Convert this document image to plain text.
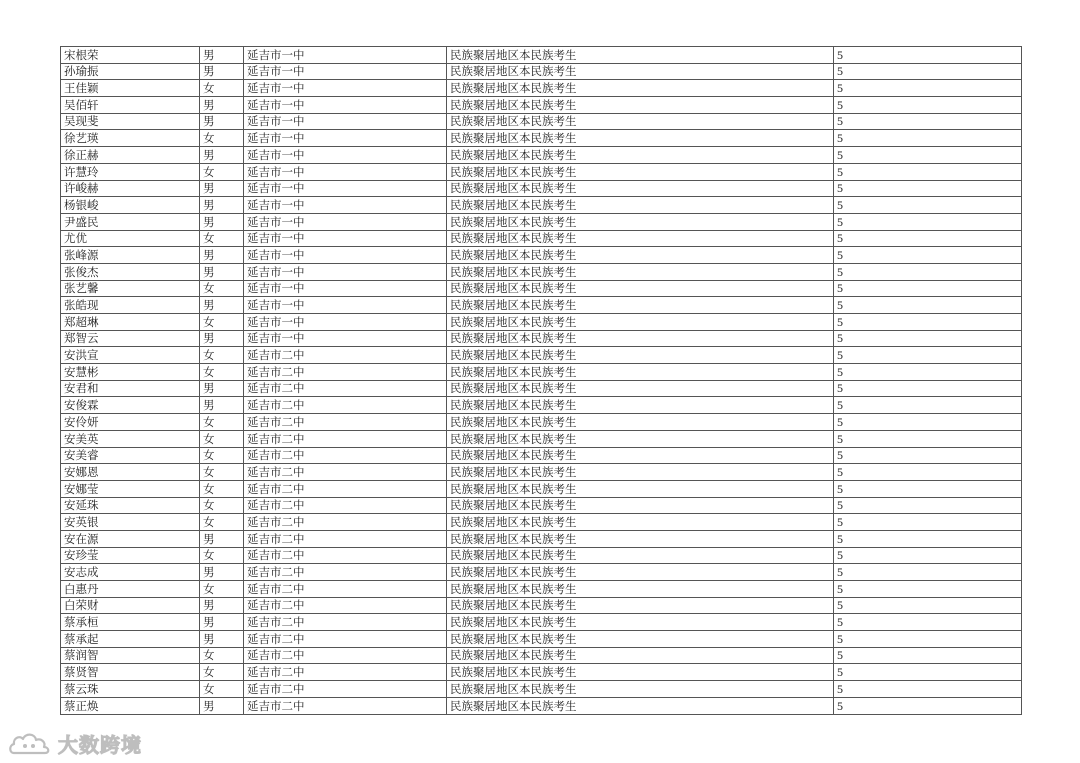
宋根荣	男	延吉市一中	民族聚居地区本民族考生	5
孙瑜振	男	延吉市一中	民族聚居地区本民族考生	5
王佳颖	女	延吉市一中	民族聚居地区本民族考生	5
吴佰轩	男	延吉市一中	民族聚居地区本民族考生	5
吴现斐	男	延吉市一中	民族聚居地区本民族考生	5
徐艺瑛	女	延吉市一中	民族聚居地区本民族考生	5
徐正赫	男	延吉市一中	民族聚居地区本民族考生	5
许慧玲	女	延吉市一中	民族聚居地区本民族考生	5
许峻赫	男	延吉市一中	民族聚居地区本民族考生	5
杨银峻	男	延吉市一中	民族聚居地区本民族考生	5
尹盛民	男	延吉市一中	民族聚居地区本民族考生	5
尤优	女	延吉市一中	民族聚居地区本民族考生	5
张峰源	男	延吉市一中	民族聚居地区本民族考生	5
张俊杰	男	延吉市一中	民族聚居地区本民族考生	5
张艺馨	女	延吉市一中	民族聚居地区本民族考生	5
张皓现	男	延吉市一中	民族聚居地区本民族考生	5
郑超琳	女	延吉市一中	民族聚居地区本民族考生	5
郑智云	男	延吉市一中	民族聚居地区本民族考生	5
安洪宣	女	延吉市二中	民族聚居地区本民族考生	5
安慧彬	女	延吉市二中	民族聚居地区本民族考生	5
安君和	男	延吉市二中	民族聚居地区本民族考生	5
安俊霖	男	延吉市二中	民族聚居地区本民族考生	5
安伶妍	女	延吉市二中	民族聚居地区本民族考生	5
安美英	女	延吉市二中	民族聚居地区本民族考生	5
安美睿	女	延吉市二中	民族聚居地区本民族考生	5
安娜恩	女	延吉市二中	民族聚居地区本民族考生	5
安娜莹	女	延吉市二中	民族聚居地区本民族考生	5
安延珠	女	延吉市二中	民族聚居地区本民族考生	5
安英银	女	延吉市二中	民族聚居地区本民族考生	5
安在源	男	延吉市二中	民族聚居地区本民族考生	5
安珍莹	女	延吉市二中	民族聚居地区本民族考生	5
安志成	男	延吉市二中	民族聚居地区本民族考生	5
白惠丹	女	延吉市二中	民族聚居地区本民族考生	5
白荣财	男	延吉市二中	民族聚居地区本民族考生	5
蔡承桓	男	延吉市二中	民族聚居地区本民族考生	5
蔡承起	男	延吉市二中	民族聚居地区本民族考生	5
蔡润智	女	延吉市二中	民族聚居地区本民族考生	5
蔡贤智	女	延吉市二中	民族聚居地区本民族考生	5
蔡云珠	女	延吉市二中	民族聚居地区本民族考生	5
蔡正焕	男	延吉市二中	民族聚居地区本民族考生	5
大数跨境
